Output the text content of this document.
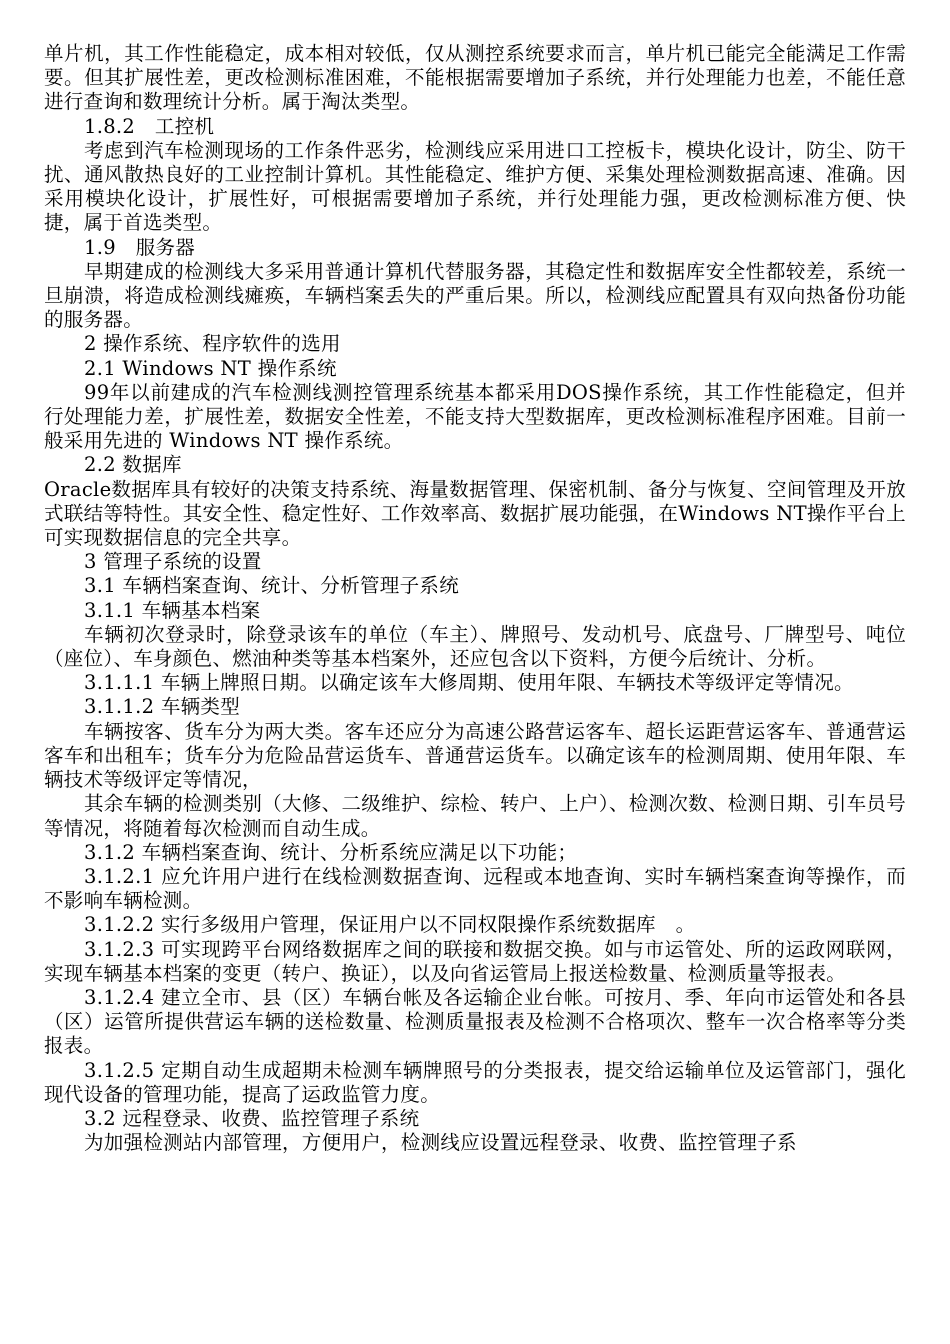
单片机，其工作性能稳定，成本相对较低，仅从测控系统要求而言，单片机已能完全能满足工作需要。但其扩展性差，更改检测标准困难，不能根据需要增加子系统，并行处理能力也差，不能任意进行查询和数理统计分析。属于淘汰类型。

1.8.2　工控机

考虑到汽车检测现场的工作条件恶劣，检测线应采用进口工控板卡，模块化设计，防尘、防干扰、通风散热良好的工业控制计算机。其性能稳定、维护方便、采集处理检测数据高速、准确。因采用模块化设计，扩展性好，可根据需要增加子系统，并行处理能力强，更改检测标准方便、快捷，属于首选类型。

1.9　服务器

早期建成的检测线大多采用普通计算机代替服务器，其稳定性和数据库安全性都较差，系统一旦崩溃，将造成检测线瘫痪，车辆档案丢失的严重后果。所以，检测线应配置具有双向热备份功能的服务器。

2 操作系统、程序软件的选用

2.1 Windows NT 操作系统

99年以前建成的汽车检测线测控管理系统基本都采用DOS操作系统，其工作性能稳定，但并行处理能力差，扩展性差，数据安全性差，不能支持大型数据库，更改检测标准程序困难。目前一般采用先进的 Windows NT 操作系统。

2.2 数据库

Oracle数据库具有较好的决策支持系统、海量数据管理、保密机制、备分与恢复、空间管理及开放式联结等特性。其安全性、稳定性好、工作效率高、数据扩展功能强，在Windows NT操作平台上可实现数据信息的完全共享。

3 管理子系统的设置

3.1 车辆档案查询、统计、分析管理子系统

3.1.1 车辆基本档案

车辆初次登录时，除登录该车的单位（车主）、牌照号、发动机号、底盘号、厂牌型号、吨位（座位）、车身颜色、燃油种类等基本档案外，还应包含以下资料，方便今后统计、分析。

3.1.1.1 车辆上牌照日期。以确定该车大修周期、使用年限、车辆技术等级评定等情况。

3.1.1.2 车辆类型

车辆按客、货车分为两大类。客车还应分为高速公路营运客车、超长运距营运客车、普通营运客车和出租车；货车分为危险品营运货车、普通营运货车。以确定该车的检测周期、使用年限、车辆技术等级评定等情况，

其余车辆的检测类别（大修、二级维护、综检、转户、上户）、检测次数、检测日期、引车员号等情况，将随着每次检测而自动生成。

3.1.2 车辆档案查询、统计、分析系统应满足以下功能；

3.1.2.1 应允许用户进行在线检测数据查询、远程或本地查询、实时车辆档案查询等操作，而不影响车辆检测。

3.1.2.2 实行多级用户管理，保证用户以不同权限操作系统数据库　。

3.1.2.3 可实现跨平台网络数据库之间的联接和数据交换。如与市运管处、所的运政网联网，实现车辆基本档案的变更（转户、换证），以及向省运管局上报送检数量、检测质量等报表。

3.1.2.4 建立全市、县（区）车辆台帐及各运输企业台帐。可按月、季、年向市运管处和各县（区）运管所提供营运车辆的送检数量、检测质量报表及检测不合格项次、整车一次合格率等分类报表。

3.1.2.5 定期自动生成超期未检测车辆牌照号的分类报表，提交给运输单位及运管部门，强化现代设备的管理功能，提高了运政监管力度。

3.2 远程登录、收费、监控管理子系统

为加强检测站内部管理，方便用户，检测线应设置远程登录、收费、监控管理子系
